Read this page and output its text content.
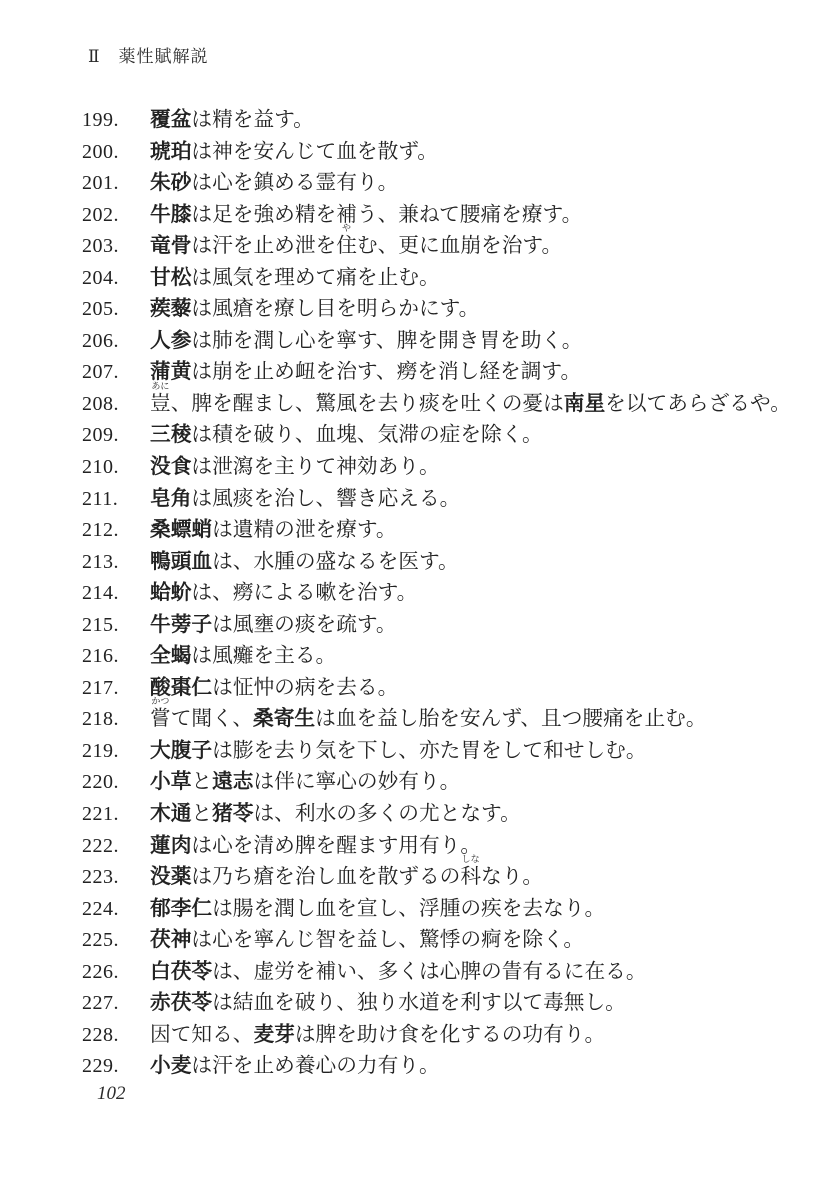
Ⅱ　薬性賦解説
199.	覆盆は精を益す。
200.	琥珀は神を安んじて血を散ず。
201.	朱砂は心を鎮める霊有り。
202.	牛膝は足を強め精を補う、兼ねて腰痛を療す。
203.	竜骨は汗を止め泄を住
や
む、更に血崩を治す。
204.	甘松は風気を理めて痛を止む。
205.	蒺藜は風瘡を療し目を明らかにす。
206.	人参は肺を潤し心を寧す、脾を開き胃を助く。
207.	蒲黄は崩を止め衄を治す、癆を消し経を調す。
208.	豈
あに
、脾を醒まし、驚風を去り痰を吐くの憂は南星を以てあらざるや。
209.	三稜は積を破り、血塊、気滞の症を除く。
210.	没食は泄瀉を主りて神効あり。
211.	皂角は風痰を治し、響き応える。
212.	桑螵蛸は遺精の泄を療す。
213.	鴨頭血は、水腫の盛なるを医す。
214.	蛤蚧は、癆による嗽を治す。
215.	牛蒡子は風壅の痰を疏す。
216.	全蝎は風癱を主る。
217.	酸棗仁は怔忡の病を去る。
218.	嘗
かつ
て聞く、桑寄生は血を益し胎を安んず、且つ腰痛を止む。
219.	大腹子は膨を去り気を下し、亦た胃をして和せしむ。
220.	小草と遠志は伴に寧心の妙有り。
221.	木通と猪苓は、利水の多くの尤となす。
222.	蓮肉は心を清め脾を醒ます用有り。
223.	没薬は乃ち瘡を治し血を散ずるの科
しな
なり。
224.	郁李仁は腸を潤し血を宣し、浮腫の疾を去なり。
225.	茯神は心を寧んじ智を益し、驚悸の痾を除く。
226.	白茯苓は、虚労を補い、多くは心脾の眚有るに在る。
227.	赤茯苓は結血を破り、独り水道を利す以て毒無し。
228.	因て知る、麦芽は脾を助け食を化するの功有り。
229.	小麦は汗を止め養心の力有り。
102
